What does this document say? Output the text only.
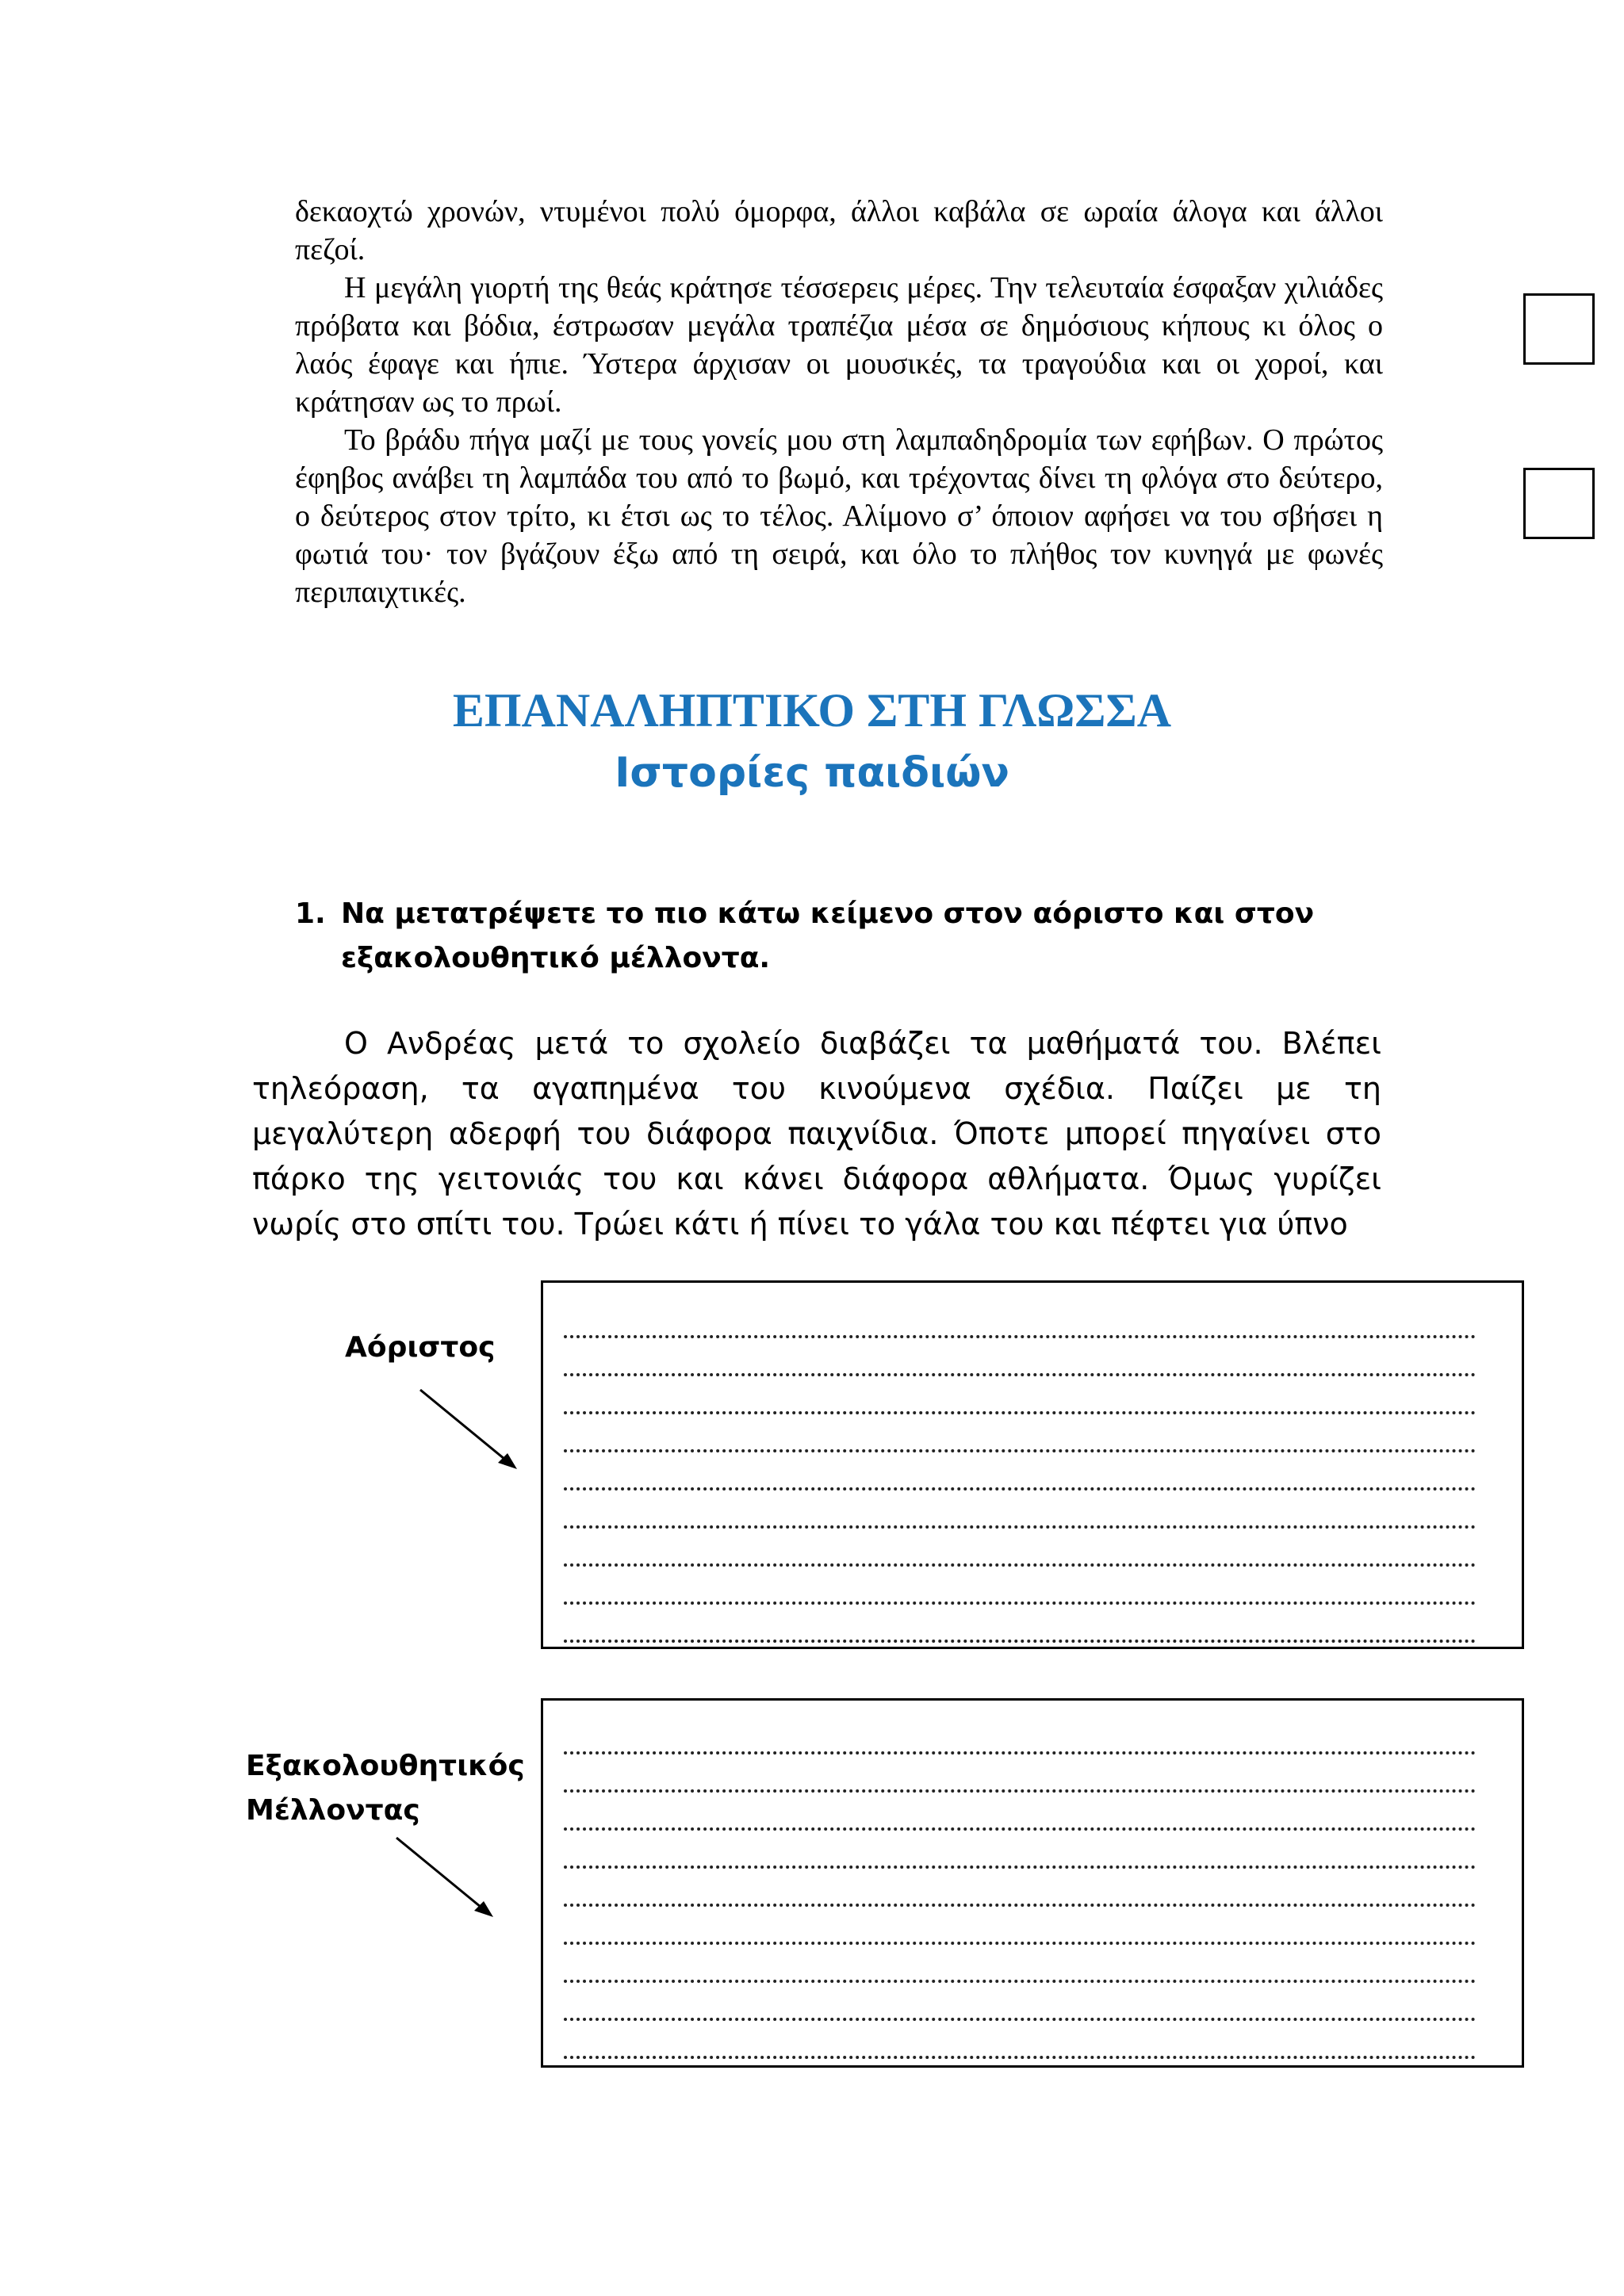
δεκαοχτώ χρονών, ντυμένοι πολύ όμορφα, άλλοι καβάλα σε ωραία άλογα και άλλοι πεζοί.

Η μεγάλη γιορτή της θεάς κράτησε τέσσερεις μέρες. Την τελευταία έσφαξαν χιλιάδες πρόβατα και βόδια, έστρωσαν μεγάλα τραπέζια μέσα σε δημόσιους κήπους κι όλος ο λαός έφαγε και ήπιε. Ύστερα άρχισαν οι μουσικές, τα τραγούδια και οι χοροί, και κράτησαν ως το πρωί.

Το βράδυ πήγα μαζί με τους γονείς μου στη λαμπαδηδρομία των εφήβων. Ο πρώτος έφηβος ανάβει τη λαμπάδα του από το βωμό, και τρέχοντας δίνει τη φλόγα στο δεύτερο, ο δεύτερος στον τρίτο, κι έτσι ως το τέλος. Αλίμονο σ’ όποιον αφήσει να του σβήσει η φωτιά του· τον βγάζουν έξω από τη σειρά, και όλο το πλήθος τον κυνηγά με φωνές περιπαιχτικές.

ΕΠΑΝΑΛΗΠΤΙΚΟ ΣΤΗ ΓΛΩΣΣΑ
Ιστορίες παιδιών
1. Να μετατρέψετε το πιο κάτω κείμενο στον αόριστο και στον εξακολουθητικό μέλλοντα.

Ο Ανδρέας μετά το σχολείο διαβάζει τα μαθήματά του. Βλέπει τηλεόραση, τα αγαπημένα του κινούμενα σχέδια. Παίζει με τη μεγαλύτερη αδερφή του διάφορα παιχνίδια. Όποτε μπορεί πηγαίνει στο πάρκο της γειτονιάς του και κάνει διάφορα αθλήματα. Όμως γυρίζει νωρίς στο σπίτι του. Τρώει κάτι ή πίνει το γάλα του και πέφτει για ύπνο

Αόριστος
Εξακολουθητικός
Μέλλοντας
